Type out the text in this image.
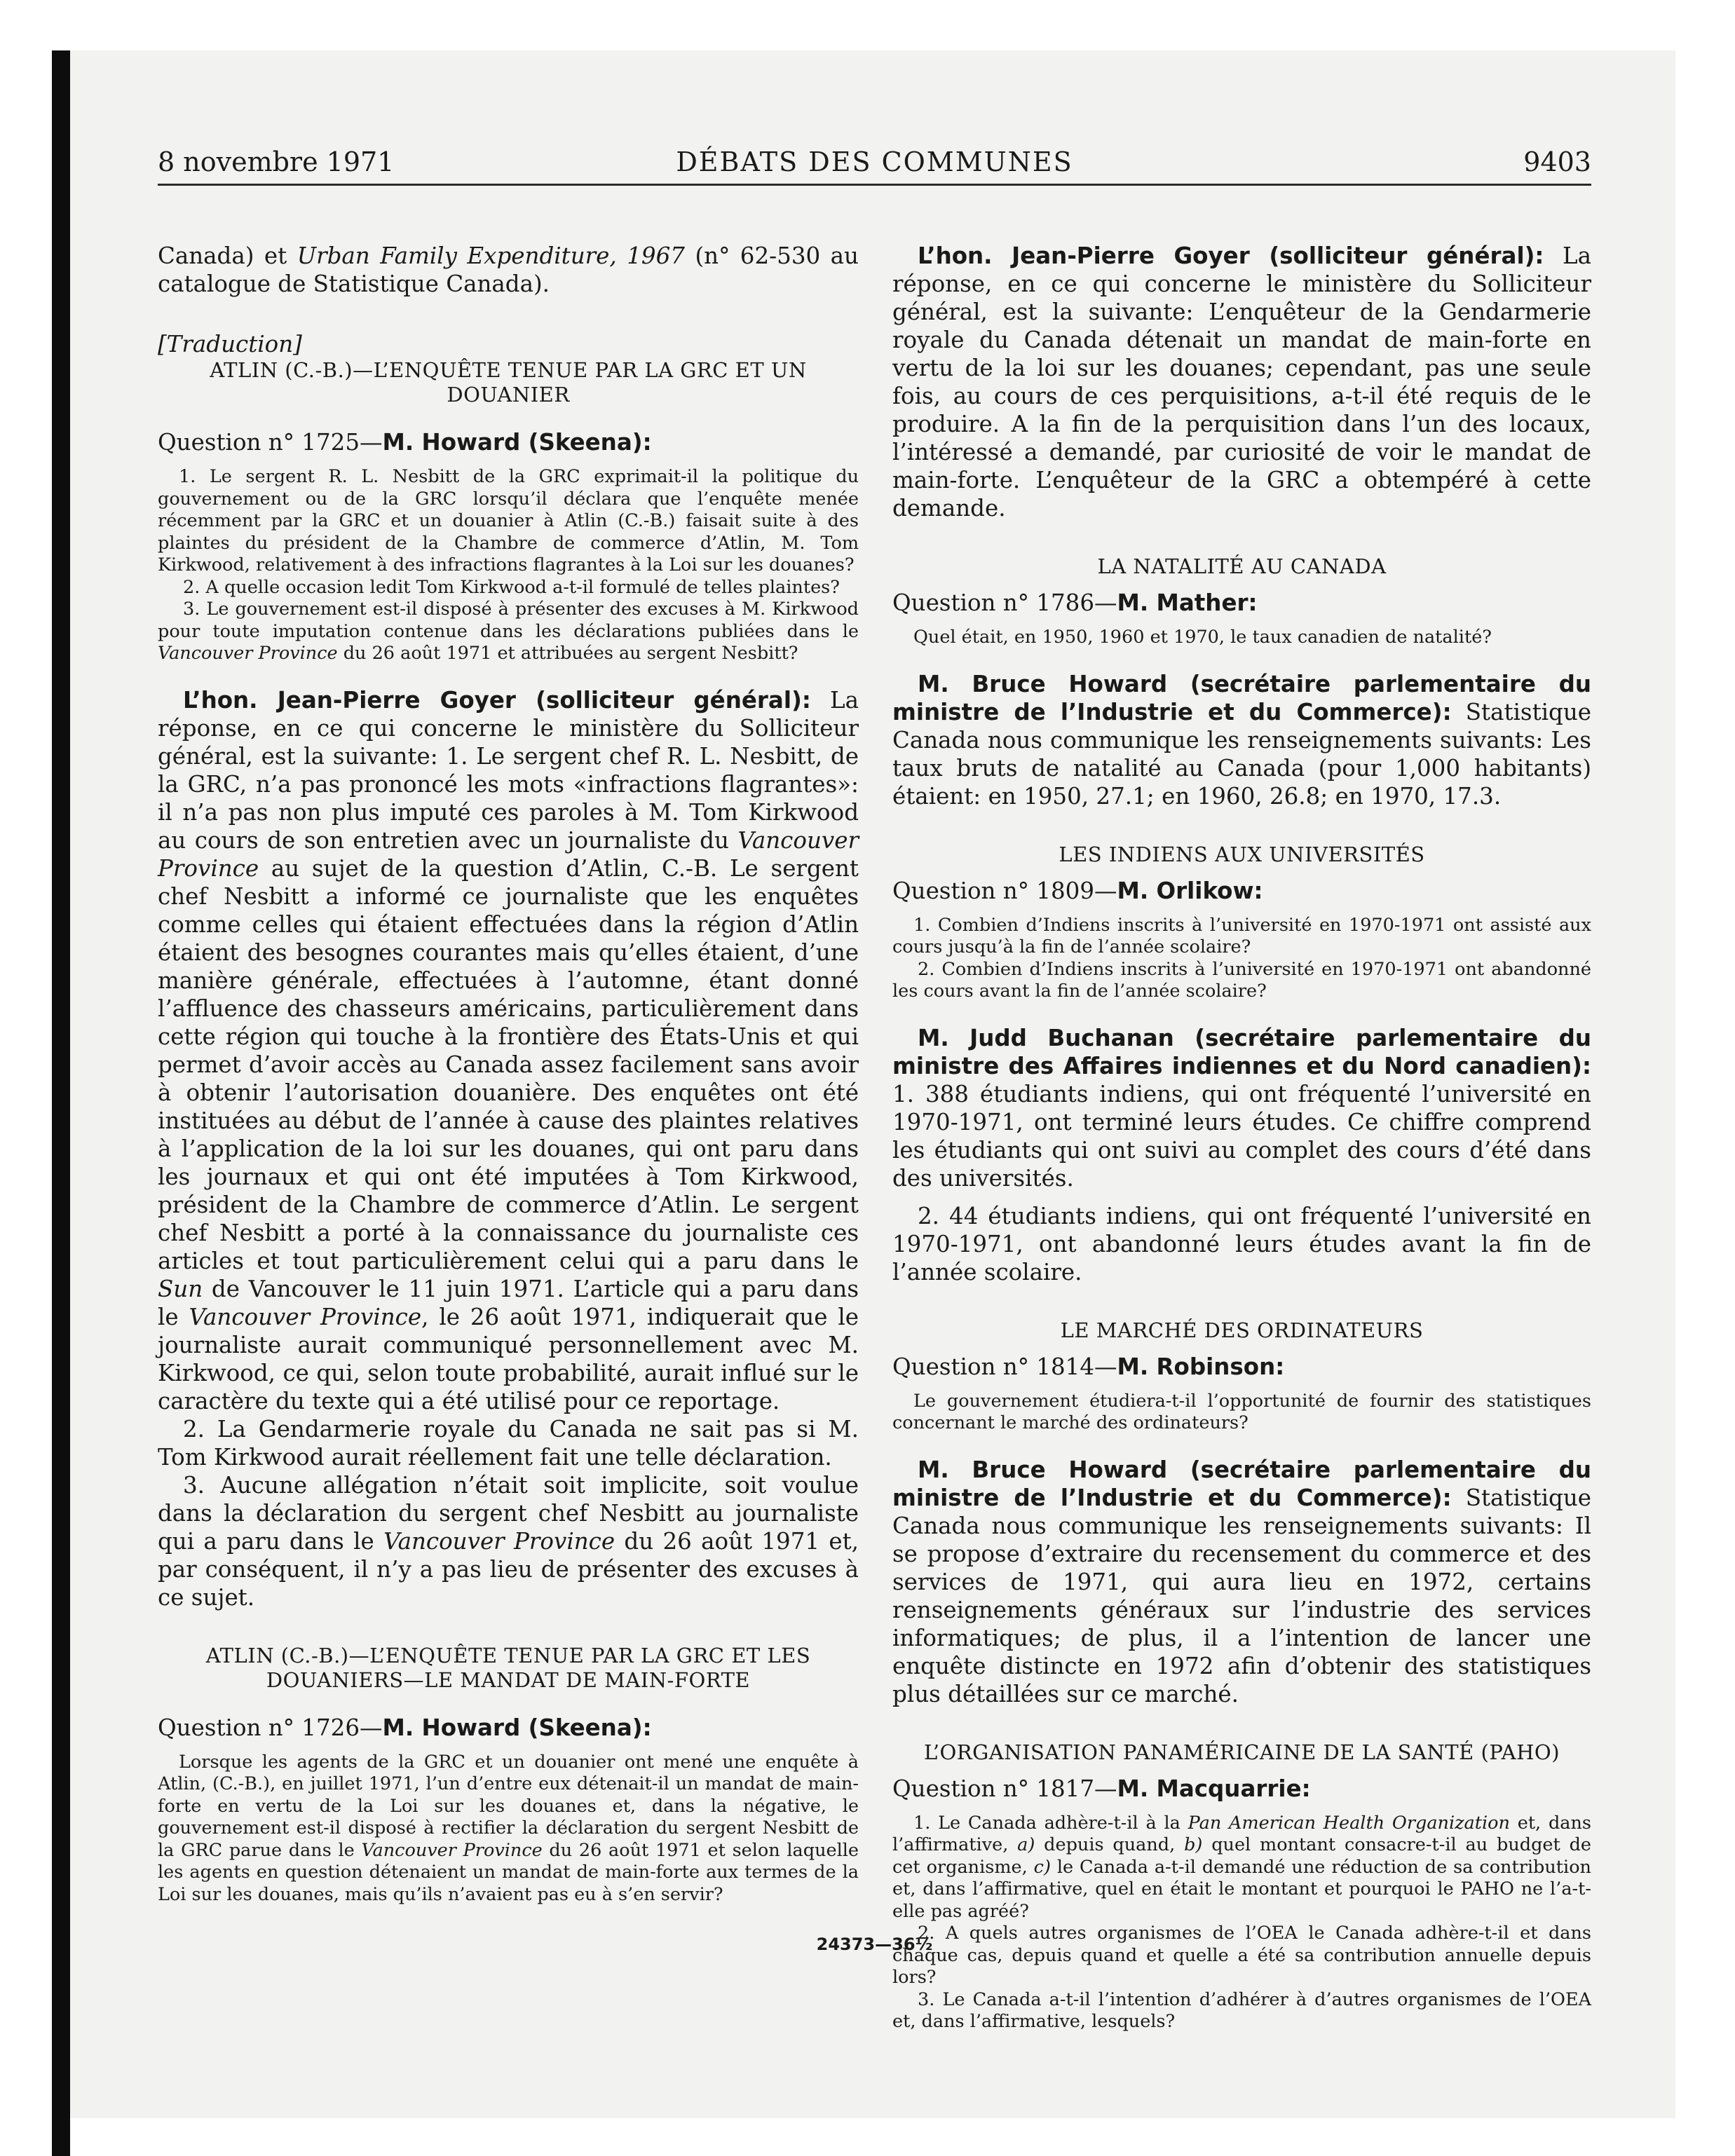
DÉBATS DES COMMUNES
8 novembre 1971	9403

Canada) et Urban Family Expenditure, 1967 (n° 62-530 au catalogue de Statistique Canada).

[Traduction]

ATLIN (C.-B.)—L’ENQUÊTE TENUE PAR LA GRC ET UN
DOUANIER

Question n° 1725—M. Howard (Skeena):

1. Le sergent R. L. Nesbitt de la GRC exprimait-il la politique du gouvernement ou de la GRC lorsqu’il déclara que l’enquête menée récemment par la GRC et un douanier à Atlin (C.-B.) faisait suite à des plaintes du président de la Chambre de commerce d’Atlin, M. Tom Kirkwood, relativement à des infractions flagrantes à la Loi sur les douanes?

2. A quelle occasion ledit Tom Kirkwood a-t-il formulé de telles plaintes?

3. Le gouvernement est-il disposé à présenter des excuses à M. Kirkwood pour toute imputation contenue dans les déclarations publiées dans le Vancouver Province du 26 août 1971 et attribuées au sergent Nesbitt?

L’hon. Jean-Pierre Goyer (solliciteur général): La réponse, en ce qui concerne le ministère du Solliciteur général, est la suivante: 1. Le sergent chef R. L. Nesbitt, de la GRC, n’a pas prononcé les mots «infractions flagrantes»: il n’a pas non plus imputé ces paroles à M. Tom Kirkwood au cours de son entretien avec un journaliste du Vancouver Province au sujet de la question d’Atlin, C.-B. Le sergent chef Nesbitt a informé ce journaliste que les enquêtes comme celles qui étaient effectuées dans la région d’Atlin étaient des besognes courantes mais qu’elles étaient, d’une manière générale, effectuées à l’automne, étant donné l’affluence des chasseurs américains, particulièrement dans cette région qui touche à la frontière des États-Unis et qui permet d’avoir accès au Canada assez facilement sans avoir à obtenir l’autorisation douanière. Des enquêtes ont été instituées au début de l’année à cause des plaintes relatives à l’application de la loi sur les douanes, qui ont paru dans les journaux et qui ont été imputées à Tom Kirkwood, président de la Chambre de commerce d’Atlin. Le sergent chef Nesbitt a porté à la connaissance du journaliste ces articles et tout particulièrement celui qui a paru dans le Sun de Vancouver le 11 juin 1971. L’article qui a paru dans le Vancouver Province, le 26 août 1971, indiquerait que le journaliste aurait communiqué personnellement avec M. Kirkwood, ce qui, selon toute probabilité, aurait influé sur le caractère du texte qui a été utilisé pour ce reportage.

2. La Gendarmerie royale du Canada ne sait pas si M. Tom Kirkwood aurait réellement fait une telle déclaration.

3. Aucune allégation n’était soit implicite, soit voulue dans la déclaration du sergent chef Nesbitt au journaliste qui a paru dans le Vancouver Province du 26 août 1971 et, par conséquent, il n’y a pas lieu de présenter des excuses à ce sujet.

ATLIN (C.-B.)—L’ENQUÊTE TENUE PAR LA GRC ET LES
DOUANIERS—LE MANDAT DE MAIN-FORTE

Question n° 1726—M. Howard (Skeena):

Lorsque les agents de la GRC et un douanier ont mené une enquête à Atlin, (C.-B.), en juillet 1971, l’un d’entre eux détenait-il un mandat de main-forte en vertu de la Loi sur les douanes et, dans la négative, le gouvernement est-il disposé à rectifier la déclaration du sergent Nesbitt de la GRC parue dans le Vancouver Province du 26 août 1971 et selon laquelle les agents en question détenaient un mandat de main-forte aux termes de la Loi sur les douanes, mais qu’ils n’avaient pas eu à s’en servir?

L’hon. Jean-Pierre Goyer (solliciteur général): La réponse, en ce qui concerne le ministère du Solliciteur général, est la suivante: L’enquêteur de la Gendarmerie royale du Canada détenait un mandat de main-forte en vertu de la loi sur les douanes; cependant, pas une seule fois, au cours de ces perquisitions, a-t-il été requis de le produire. A la fin de la perquisition dans l’un des locaux, l’intéressé a demandé, par curiosité de voir le mandat de main-forte. L’enquêteur de la GRC a obtempéré à cette demande.

LA NATALITÉ AU CANADA

Question n° 1786—M. Mather:

Quel était, en 1950, 1960 et 1970, le taux canadien de natalité?

M. Bruce Howard (secrétaire parlementaire du ministre de l’Industrie et du Commerce): Statistique Canada nous communique les renseignements suivants: Les taux bruts de natalité au Canada (pour 1,000 habitants) étaient: en 1950, 27.1; en 1960, 26.8; en 1970, 17.3.

LES INDIENS AUX UNIVERSITÉS

Question n° 1809—M. Orlikow:

1. Combien d’Indiens inscrits à l’université en 1970-1971 ont assisté aux cours jusqu’à la fin de l’année scolaire?

2. Combien d’Indiens inscrits à l’université en 1970-1971 ont abandonné les cours avant la fin de l’année scolaire?

M. Judd Buchanan (secrétaire parlementaire du ministre des Affaires indiennes et du Nord canadien): 1. 388 étudiants indiens, qui ont fréquenté l’université en 1970-1971, ont terminé leurs études. Ce chiffre comprend les étudiants qui ont suivi au complet des cours d’été dans des universités.

2. 44 étudiants indiens, qui ont fréquenté l’université en 1970-1971, ont abandonné leurs études avant la fin de l’année scolaire.

LE MARCHÉ DES ORDINATEURS

Question n° 1814—M. Robinson:

Le gouvernement étudiera-t-il l’opportunité de fournir des statistiques concernant le marché des ordinateurs?

M. Bruce Howard (secrétaire parlementaire du ministre de l’Industrie et du Commerce): Statistique Canada nous communique les renseignements suivants: Il se propose d’extraire du recensement du commerce et des services de 1971, qui aura lieu en 1972, certains renseignements généraux sur l’industrie des services informatiques; de plus, il a l’intention de lancer une enquête distincte en 1972 afin d’obtenir des statistiques plus détaillées sur ce marché.

L’ORGANISATION PANAMÉRICAINE DE LA SANTÉ (PAHO)

Question n° 1817—M. Macquarrie:

1. Le Canada adhère-t-il à la Pan American Health Organization et, dans l’affirmative, a) depuis quand, b) quel montant consacre-t-il au budget de cet organisme, c) le Canada a-t-il demandé une réduction de sa contribution et, dans l’affirmative, quel en était le montant et pourquoi le PAHO ne l’a-t-elle pas agréé?

2. A quels autres organismes de l’OEA le Canada adhère-t-il et dans chaque cas, depuis quand et quelle a été sa contribution annuelle depuis lors?

3. Le Canada a-t-il l’intention d’adhérer à d’autres organismes de l’OEA et, dans l’affirmative, lesquels?

24373—36½
